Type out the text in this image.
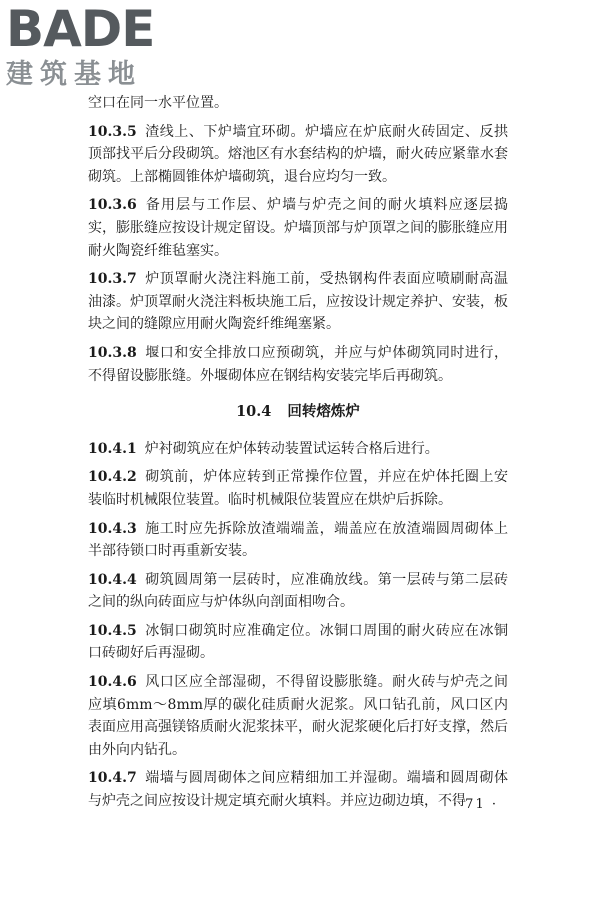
BADE
建筑基地

空口在同一水平位置。

10.3.5 渣线上、下炉墙宜环砌。炉墙应在炉底耐火砖固定、反拱顶部找平后分段砌筑。熔池区有水套结构的炉墙，耐火砖应紧靠水套砌筑。上部椭圆锥体炉墙砌筑，退台应均匀一致。

10.3.6 备用层与工作层、炉墙与炉壳之间的耐火填料应逐层捣实，膨胀缝应按设计规定留设。炉墙顶部与炉顶罩之间的膨胀缝应用耐火陶瓷纤维毡塞实。

10.3.7 炉顶罩耐火浇注料施工前，受热钢构件表面应喷刷耐高温油漆。炉顶罩耐火浇注料板块施工后，应按设计规定养护、安装，板块之间的缝隙应用耐火陶瓷纤维绳塞紧。

10.3.8 堰口和安全排放口应预砌筑，并应与炉体砌筑同时进行，不得留设膨胀缝。外堰砌体应在钢结构安装完毕后再砌筑。

10.4 回转熔炼炉

10.4.1 炉衬砌筑应在炉体转动装置试运转合格后进行。

10.4.2 砌筑前，炉体应转到正常操作位置，并应在炉体托圈上安装临时机械限位装置。临时机械限位装置应在烘炉后拆除。

10.4.3 施工时应先拆除放渣端端盖，端盖应在放渣端圆周砌体上半部待锁口时再重新安装。

10.4.4 砌筑圆周第一层砖时，应准确放线。第一层砖与第二层砖之间的纵向砖面应与炉体纵向剖面相吻合。

10.4.5 冰铜口砌筑时应准确定位。冰铜口周围的耐火砖应在冰铜口砖砌好后再湿砌。

10.4.6 风口区应全部湿砌，不得留设膨胀缝。耐火砖与炉壳之间应填6mm～8mm厚的碳化硅质耐火泥浆。风口钻孔前，风口区内表面应用高强镁铬质耐火泥浆抹平，耐火泥浆硬化后打好支撑，然后由外向内钻孔。

10.4.7 端墙与圆周砌体之间应精细加工并湿砌。端墙和圆周砌体与炉壳之间应按设计规定填充耐火填料。并应边砌边填，不得

· 71 ·
